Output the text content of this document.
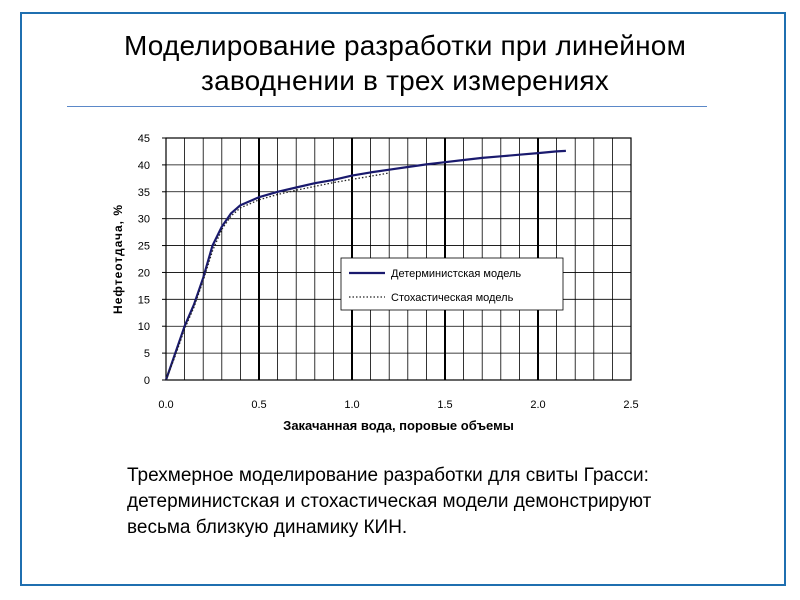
Моделирование разработки при линейном
заводнении в трех измерениях
0
5
10
15
20
25
30
35
40
45
0.0	0.5	1.0	1.5	2.0	2.5
Закачанная вода, поровые объемы
Нефтеотдача, %	Детерминистская модель
Стохастическая модель
Трехмерное моделирование разработки для свиты Грасси:
детерминистская и стохастическая модели демонстрируют
весьма близкую динамику КИН.
